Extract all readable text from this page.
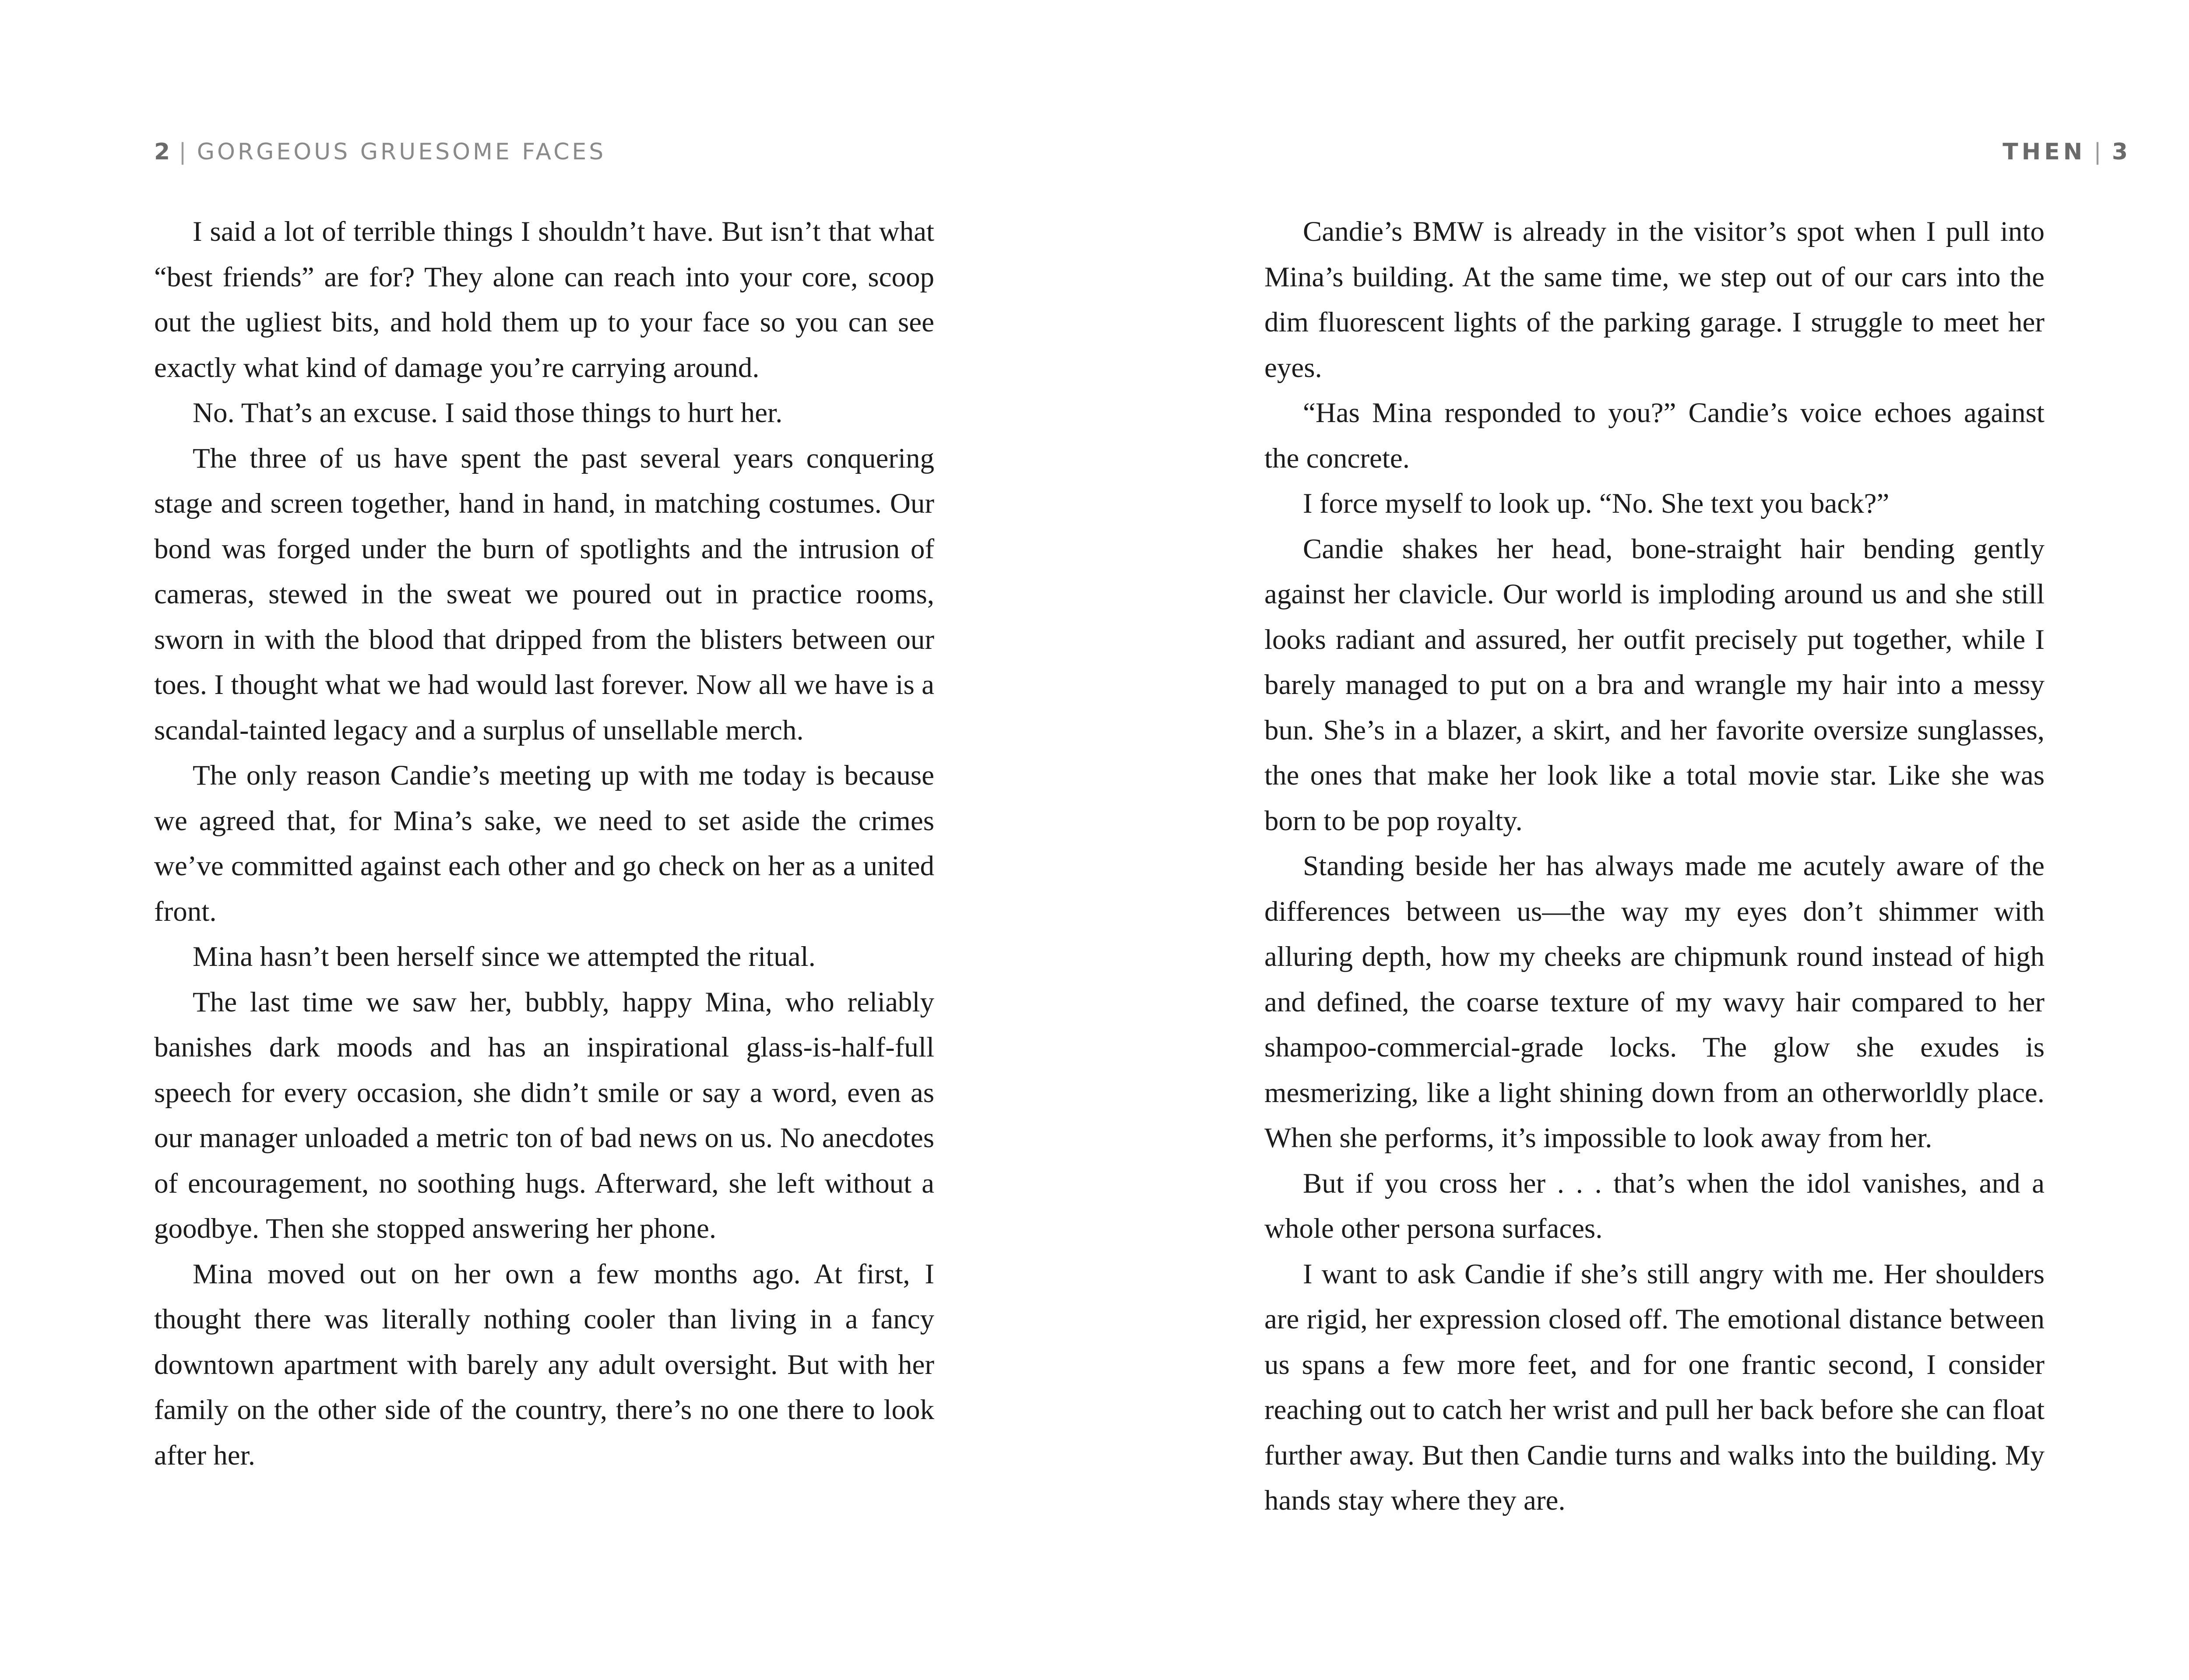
2 | GORGEOUS GRUESOME FACES

I said a lot of terrible things I shouldn’t have. But isn’t that what “best friends” are for? They alone can reach into your core, scoop out the ugliest bits, and hold them up to your face so you can see exactly what kind of damage you’re carrying around.

No. That’s an excuse. I said those things to hurt her.

The three of us have spent the past several years conquering stage and screen together, hand in hand, in matching costumes. Our bond was forged under the burn of spotlights and the intrusion of cameras, stewed in the sweat we poured out in practice rooms, sworn in with the blood that dripped from the blisters between our toes. I thought what we had would last forever. Now all we have is a scandal-tainted legacy and a surplus of unsellable merch.

The only reason Candie’s meeting up with me today is because we agreed that, for Mina’s sake, we need to set aside the crimes we’ve committed against each other and go check on her as a united front.

Mina hasn’t been herself since we attempted the ritual.

The last time we saw her, bubbly, happy Mina, who reliably banishes dark moods and has an inspirational glass-is-half-full speech for every occasion, she didn’t smile or say a word, even as our manager unloaded a metric ton of bad news on us. No anecdotes of encouragement, no soothing hugs. Afterward, she left without a goodbye. Then she stopped answering her phone.

Mina moved out on her own a few months ago. At first, I thought there was literally nothing cooler than living in a fancy downtown apartment with barely any adult oversight. But with her family on the other side of the country, there’s no one there to look after her.

THEN | 3

Candie’s BMW is already in the visitor’s spot when I pull into Mina’s building. At the same time, we step out of our cars into the dim fluorescent lights of the parking garage. I struggle to meet her eyes.

“Has Mina responded to you?” Candie’s voice echoes against the concrete.

I force myself to look up. “No. She text you back?”

Candie shakes her head, bone-straight hair bending gently against her clavicle. Our world is imploding around us and she still looks radiant and assured, her outfit precisely put together, while I barely managed to put on a bra and wrangle my hair into a messy bun. She’s in a blazer, a skirt, and her favorite oversize sunglasses, the ones that make her look like a total movie star. Like she was born to be pop royalty.

Standing beside her has always made me acutely aware of the differences between us—the way my eyes don’t shimmer with alluring depth, how my cheeks are chipmunk round instead of high and defined, the coarse texture of my wavy hair compared to her shampoo-commercial-grade locks. The glow she exudes is mesmerizing, like a light shining down from an otherworldly place. When she performs, it’s impossible to look away from her.

But if you cross her . . . that’s when the idol vanishes, and a whole other persona surfaces.

I want to ask Candie if she’s still angry with me. Her shoulders are rigid, her expression closed off. The emotional distance between us spans a few more feet, and for one frantic second, I consider reaching out to catch her wrist and pull her back before she can float further away. But then Candie turns and walks into the building. My hands stay where they are.
